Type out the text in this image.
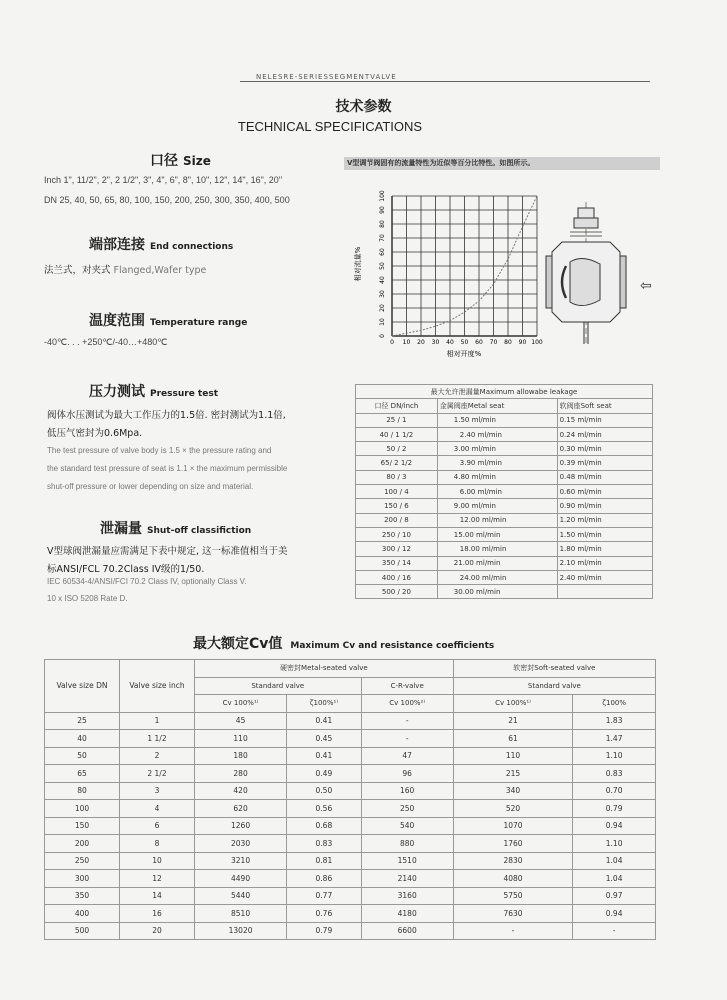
NELESRE-SERIESSEGMENTVALVE
技术参数
TECHNICAL SPECIFICATIONS
口径 Size
Inch 1", 11/2", 2", 2 1/2", 3", 4", 6", 8", 10", 12", 14", 16", 20"
DN 25, 40, 50, 65, 80, 100, 150, 200, 250, 300, 350, 400, 500
端部连接 End connections
法兰式，对夹式 Flanged,Wafer type
温度范围 Temperature range
-40℃. . . +250℃/-40…+480℃
压力测试 Pressure test
阀体水压测试为最大工作压力的1.5倍. 密封测试为1.1倍,
低压气密封为0.6Mpa.
The test pressure of valve body is 1.5 × the pressure rating and
the standard test pressure of seat is 1.1 × the maximum permissible
shut-off pressure or lower depending on size and material.
泄漏量 Shut-off classifiction
V型球阀泄漏量应需满足下表中规定, 这一标准值相当于美
标ANSI/FCL 70.2Class IV级的1/50.
IEC 60534-4/ANSI/FCI 70.2 Class IV, optionally Class V.
10 x ISO 5208 Rate D.
V型调节阀固有的流量特性为近似等百分比特性。如图所示。
0
10
20
30
40
50
60
70
80
90
100
0 10 20 30 40 50 60 70 80 90 100
相对流量%
相对开度%
⇦
最大允许泄漏量Maximum allowabe leakage		
口径 DN/inch	金属阀座Metal seat	软阀座Soft seat
25 / 1	1.50 ml/min	0.15 ml/min
40 / 1 1/2	2.40 ml/min	0.24 ml/min
50 / 2	3.00 ml/min	0.30 ml/min
65/ 2 1/2	3.90 ml/min	0.39 ml/min
80 / 3	4.80 ml/min	0.48 ml/min
100 / 4	6.00 ml/min	0.60 ml/min
150 / 6	9.00 ml/min	0.90 ml/min
200 / 8	12.00 ml/min	1.20 ml/min
250 / 10	15.00 ml/min	1.50 ml/min
300 / 12	18.00 ml/min	1.80 ml/min
350 / 14	21.00 ml/min	2.10 ml/min
400 / 16	24.00 ml/min	2.40 ml/min
500 / 20	30.00 ml/min	
最大额定Cv值 Maximum Cv and resistance coefficients
Valve size DN	Valve size inch	硬密封Metal-seated valve			软密封Soft-seated valve	
		Standard valve		C-R-valve	Standard valve	
		Cv 100%¹⁾	ζ100%¹⁾	Cv 100%²⁾	Cv 100%¹⁾	ζ100%
25	1	45	0.41	-	21	1.83
40	1 1/2	110	0.45	-	61	1.47
50	2	180	0.41	47	110	1.10
65	2 1/2	280	0.49	96	215	0.83
80	3	420	0.50	160	340	0.70
100	4	620	0.56	250	520	0.79
150	6	1260	0.68	540	1070	0.94
200	8	2030	0.83	880	1760	1.10
250	10	3210	0.81	1510	2830	1.04
300	12	4490	0.86	2140	4080	1.04
350	14	5440	0.77	3160	5750	0.97
400	16	8510	0.76	4180	7630	0.94
500	20	13020	0.79	6600	-	-
